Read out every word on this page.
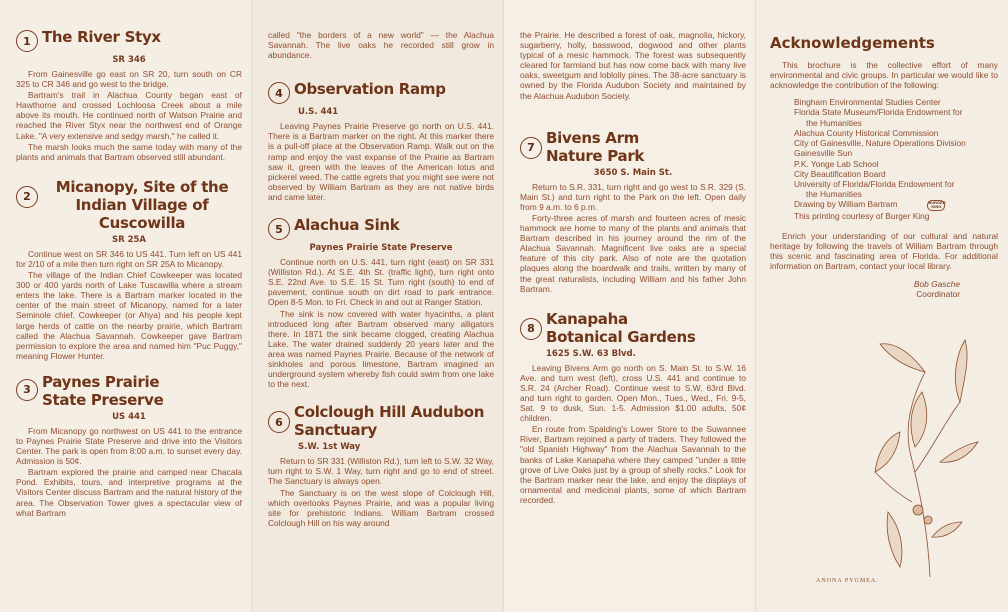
1 The River Styx
SR 346

From Gainesville go east on SR 20, turn south on CR 325 to CR 346 and go west to the bridge.

Bartram's trail in Alachua County began east of Hawthorne and crossed Lochloosa Creek about a mile above its mouth. He continued north of Watson Prairie and reached the River Styx near the northwest end of Orange Lake. "A very extensive and sedgy marsh," he called it.

The marsh looks much the same today with many of the plants and animals that Bartram observed still abundant.

2
Micanopy, Site of the Indian Village of Cuscowilla
SR 25A

Continue west on SR 346 to US 441. Turn left on US 441 for 2/10 of a mile then turn right on SR 25A to Micanopy.

The village of the Indian Chief Cowkeeper was located 300 or 400 yards north of Lake Tuscawilla where a stream enters the lake. There is a Bartram marker located in the center of the main street of Micanopy, named for a later Seminole chief. Cowkeeper (or Ahya) and his people kept large herds of cattle on the nearby prairie, which Bartram called the Alachua Savannah. Cowkeeper gave Bartram permission to explore the area and named him "Puc Puggy," meaning Flower Hunter.

3 Paynes Prairie State Preserve
US 441

From Micanopy go northwest on US 441 to the entrance to Paynes Prairie State Preserve and drive into the Visitors Center. The park is open from 8:00 a.m. to sunset every day. Admission is 50¢.

Bartram explored the prairie and camped near Chacala Pond. Exhibits, tours, and interpretive programs at the Visitors Center discuss Bartram and the natural history of the area. The Observation Tower gives a spectacular view of what Bartram

called "the borders of a new world" — the Alachua Savannah. The live oaks he recorded still grow in abundance.

4 Observation Ramp
U.S. 441

Leaving Paynes Prairie Preserve go north on U.S. 441. There is a Bartram marker on the right. At this marker there is a pull-off place at the Observation Ramp. Walk out on the ramp and enjoy the vast expanse of the Prairie as Bartram saw it, green with the leaves of the American lotus and pickerel weed. The cattle egrets that you might see were not observed by William Bartram as they are not native birds and came later.

5 Alachua Sink
Paynes Prairie State Preserve

Continue north on U.S. 441, turn right (east) on SR 331 (Williston Rd.). At S.E. 4th St. (traffic light), turn right onto S.E. 22nd Ave. to S.E. 15 St. Turn right (south) to end of pavement, continue south on dirt road to park entrance. Open 8-5 Mon. to Fri. Check in and out at Ranger Station.

The sink is now covered with water hyacinths, a plant introduced long after Bartram observed many alligators there. In 1871 the sink became clogged, creating Alachua Lake. The water drained suddenly 20 years later and the area was named Paynes Prairie. Because of the network of sinkholes and porous limestone, Bartram imagined an underground system whereby fish could swim from one lake to the next.

6
Colclough Hill Audubon Sanctuary
S.W. 1st Way

Return to SR 331 (Williston Rd.), turn left to S.W. 32 Way, turn right to S.W. 1 Way, turn right and go to end of street. The Sanctuary is always open.

The Sanctuary is on the west slope of Colclough Hill, which overlooks Paynes Prairie, and was a popular living site for prehistoric Indians. William Bartram crossed Colclough Hill on his way around

the Prairie. He described a forest of oak, magnolia, hickory, sugarberry, holly, basswood, dogwood and other plants typical of a mesic hammock. The forest was subsequently cleared for farmland but has now come back with many live oaks, sweetgum and loblolly pines. The 38-acre sanctuary is owned by the Florida Audubon Society and maintained by the Alachua Audubon Society.

7
Bivens Arm Nature Park
3650 S. Main St.

Return to S.R. 331, turn right and go west to S.R. 329 (S. Main St.) and turn right to the Park on the left. Open daily from 9 a.m. to 6 p.m.

Forty-three acres of marsh and fourteen acres of mesic hammock are home to many of the plants and animals that Bartram described in his journey around the rim of the Alachua Savannah. Magnificent live oaks are a special feature of this city park. Also of note are the quotation plaques along the boardwalk and trails, written by many of the great naturalists, including William and his father John Bartram.

8
Kanapaha Botanical Gardens
1625 S.W. 63 Blvd.

Leaving Bivens Arm go north on S. Main St. to S.W. 16 Ave. and turn west (left), cross U.S. 441 and continue to S.R. 24 (Archer Road). Continue west to S.W. 63rd Blvd. and turn right to garden. Open Mon., Tues., Wed., Fri. 9-5, Sat. 9 to dusk, Sun. 1-5. Admission $1.00 adults, 50¢ children.

En route from Spalding's Lower Store to the Suwannee River, Bartram rejoined a party of traders. They followed the "old Spanish Highway" from the Alachua Savannah to the banks of Lake Kanapaha where they camped "under a little grove of Live Oaks just by a group of shelly rocks." Look for the Bartram marker near the lake, and enjoy the displays of ornamental and medicinal plants, some of which Bartram recorded.

Acknowledgements

This brochure is the collective effort of many environmental and civic groups. In particular we would like to acknowledge the contribution of the following:

Bingham Environmental Studies Center
Florida State Museum/Florida Endowment for
the Humanities
Alachua County Historical Commission
City of Gainesville, Nature Operations Division
Gainesville Sun
P.K. Yonge Lab School
City Beautification Board
University of Florida/Florida Endowment for
the Humanities
Drawing by William Bartram	BURGER KING
This printing courtesy of Burger King

Enrich your understanding of our cultural and natural heritage by following the travels of William Bartram through this scenic and fascinating area of Florida. For additional information on Bartram, contact your local library.

Bob Gasche
Coordinator
ANONA PYGMEA.
